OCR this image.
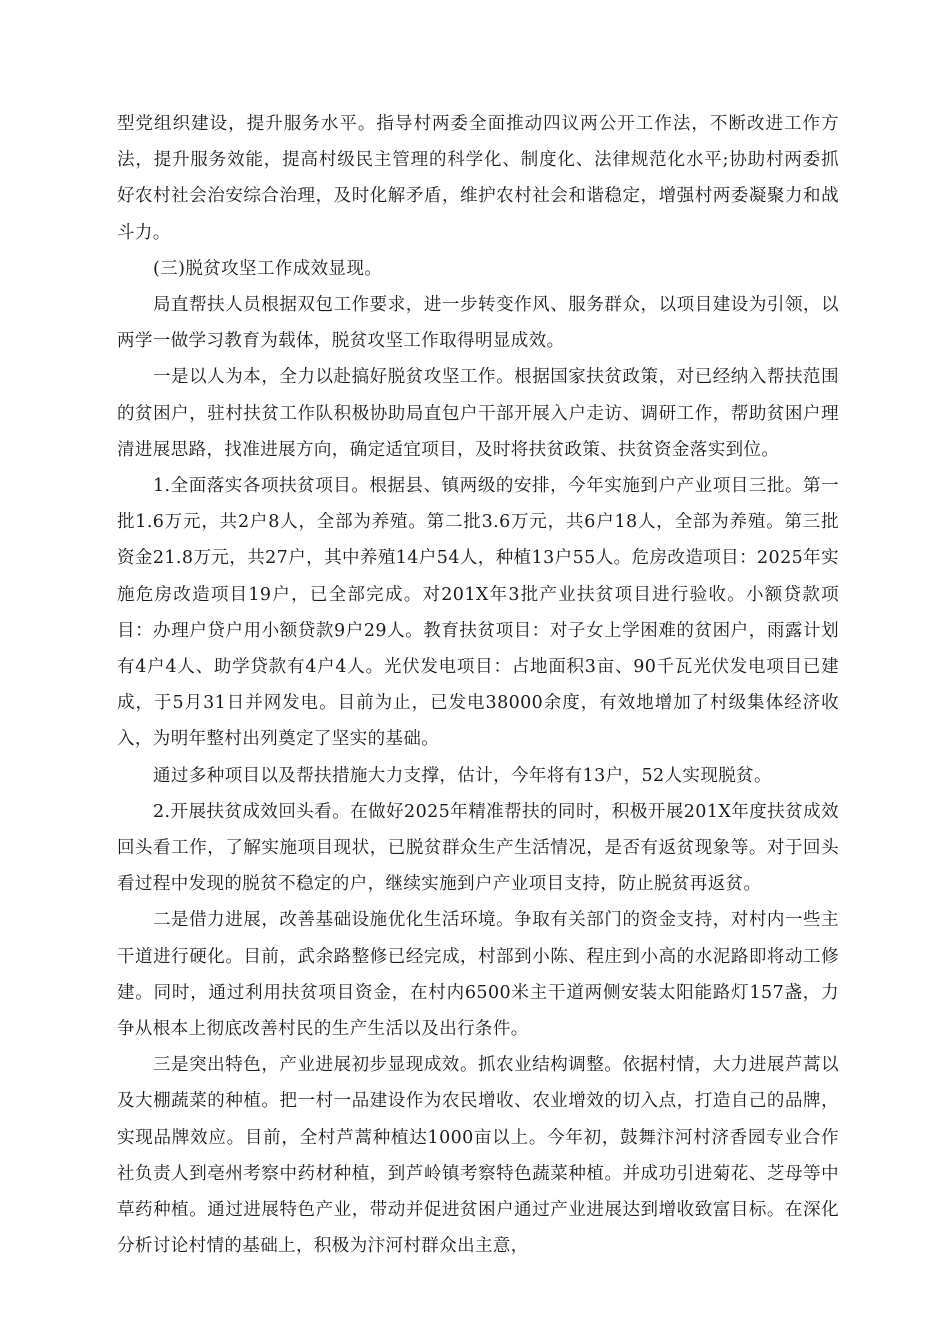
型党组织建设，提升服务水平。指导村两委全面推动四议两公开工作法，不断改进工作方法，提升服务效能，提高村级民主管理的科学化、制度化、法律规范化水平;协助村两委抓好农村社会治安综合治理，及时化解矛盾，维护农村社会和谐稳定，增强村两委凝聚力和战斗力。

(三)脱贫攻坚工作成效显现。

局直帮扶人员根据双包工作要求，进一步转变作风、服务群众，以项目建设为引领，以两学一做学习教育为载体，脱贫攻坚工作取得明显成效。

一是以人为本，全力以赴搞好脱贫攻坚工作。根据国家扶贫政策，对已经纳入帮扶范围的贫困户，驻村扶贫工作队积极协助局直包户干部开展入户走访、调研工作，帮助贫困户理清进展思路，找准进展方向，确定适宜项目，及时将扶贫政策、扶贫资金落实到位。

1.全面落实各项扶贫项目。根据县、镇两级的安排，今年实施到户产业项目三批。第一批1.6万元，共2户8人，全部为养殖。第二批3.6万元，共6户18人，全部为养殖。第三批资金21.8万元，共27户，其中养殖14户54人，种植13户55人。危房改造项目：2025年实施危房改造项目19户，已全部完成。对201X年3批产业扶贫项目进行验收。小额贷款项目：办理户贷户用小额贷款9户29人。教育扶贫项目：对子女上学困难的贫困户，雨露计划有4户4人、助学贷款有4户4人。光伏发电项目：占地面积3亩、90千瓦光伏发电项目已建成，于5月31日并网发电。目前为止，已发电38000余度，有效地增加了村级集体经济收入，为明年整村出列奠定了坚实的基础。

通过多种项目以及帮扶措施大力支撑，估计，今年将有13户，52人实现脱贫。

2.开展扶贫成效回头看。在做好2025年精准帮扶的同时，积极开展201X年度扶贫成效回头看工作，了解实施项目现状，已脱贫群众生产生活情况，是否有返贫现象等。对于回头看过程中发现的脱贫不稳定的户，继续实施到户产业项目支持，防止脱贫再返贫。

二是借力进展，改善基础设施优化生活环境。争取有关部门的资金支持，对村内一些主干道进行硬化。目前，武余路整修已经完成，村部到小陈、程庄到小高的水泥路即将动工修建。同时，通过利用扶贫项目资金，在村内6500米主干道两侧安装太阳能路灯157盏，力争从根本上彻底改善村民的生产生活以及出行条件。

三是突出特色，产业进展初步显现成效。抓农业结构调整。依据村情，大力进展芦蒿以及大棚蔬菜的种植。把一村一品建设作为农民增收、农业增效的切入点，打造自己的品牌，实现品牌效应。目前，全村芦蒿种植达1000亩以上。今年初，鼓舞汴河村济香园专业合作社负责人到亳州考察中药材种植，到芦岭镇考察特色蔬菜种植。并成功引进菊花、芝母等中草药种植。通过进展特色产业，带动并促进贫困户通过产业进展达到增收致富目标。在深化分析讨论村情的基础上，积极为汴河村群众出主意，
